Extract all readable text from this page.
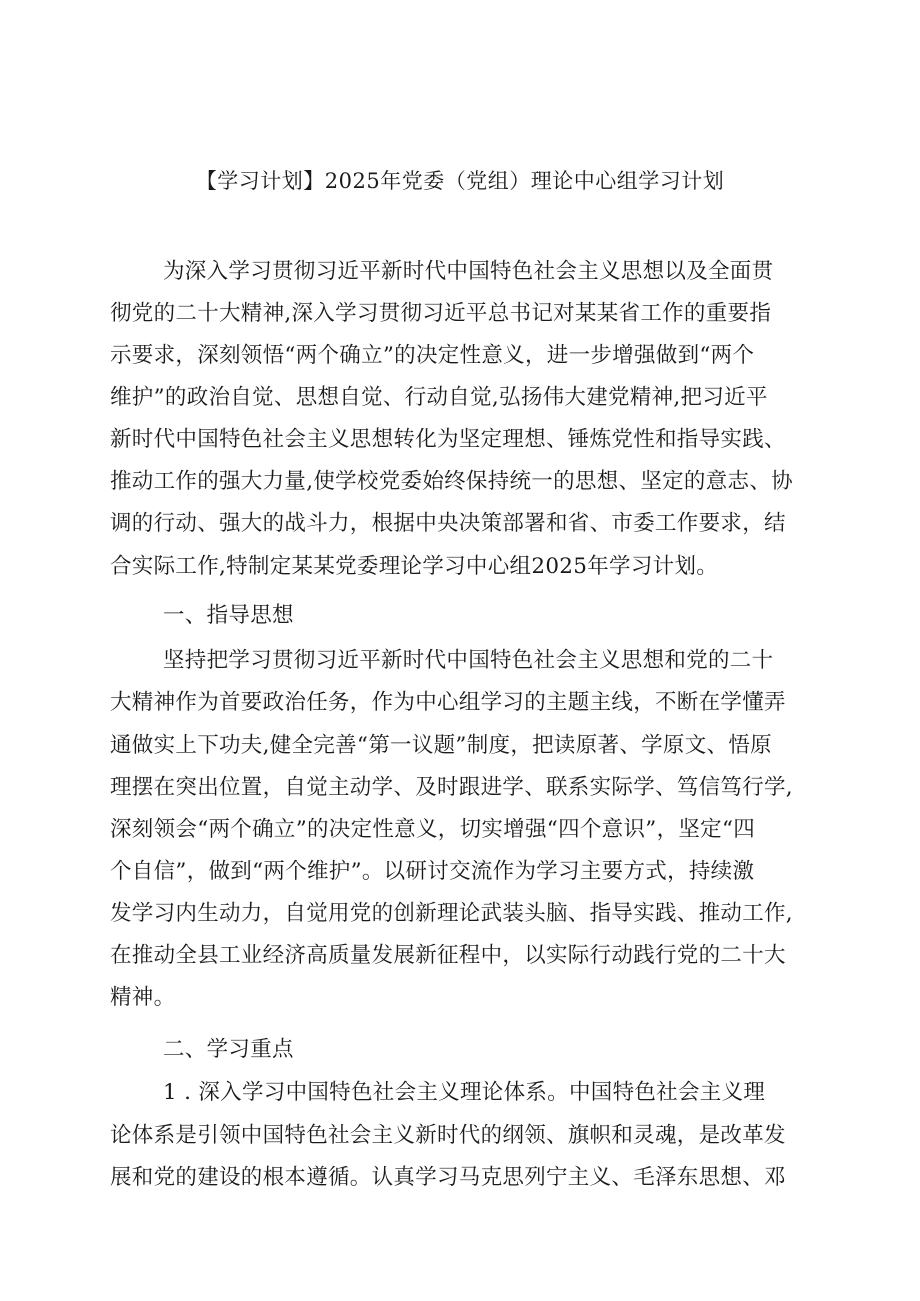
【学习计划】2025年党委（党组）理论中心组学习计划
为深入学习贯彻习近平新时代中国特色社会主义思想以及全面贯
彻党的二十大精神,深入学习贯彻习近平总书记对某某省工作的重要指
示要求，深刻领悟“两个确立”的决定性意义，进一步增强做到“两个
维护”的政治自觉、思想自觉、行动自觉,弘扬伟大建党精神,把习近平
新时代中国特色社会主义思想转化为坚定理想、锤炼党性和指导实践、
推动工作的强大力量,使学校党委始终保持统一的思想、坚定的意志、协
调的行动、强大的战斗力，根据中央决策部署和省、市委工作要求，结
合实际工作,特制定某某党委理论学习中心组2025年学习计划。
一、指导思想
坚持把学习贯彻习近平新时代中国特色社会主义思想和党的二十
大精神作为首要政治任务，作为中心组学习的主题主线，不断在学懂弄
通做实上下功夫,健全完善“第一议题”制度，把读原著、学原文、悟原
理摆在突出位置，自觉主动学、及时跟进学、联系实际学、笃信笃行学,
深刻领会“两个确立”的决定性意义，切实增强“四个意识”，坚定“四
个自信”，做到“两个维护”。以研讨交流作为学习主要方式，持续激
发学习内生动力，自觉用党的创新理论武装头脑、指导实践、推动工作,
在推动全县工业经济高质量发展新征程中，以实际行动践行党的二十大
精神。
二、学习重点
1 . 深入学习中国特色社会主义理论体系。中国特色社会主义理
论体系是引领中国特色社会主义新时代的纲领、旗帜和灵魂，是改革发
展和党的建设的根本遵循。认真学习马克思列宁主义、毛泽东思想、邓
